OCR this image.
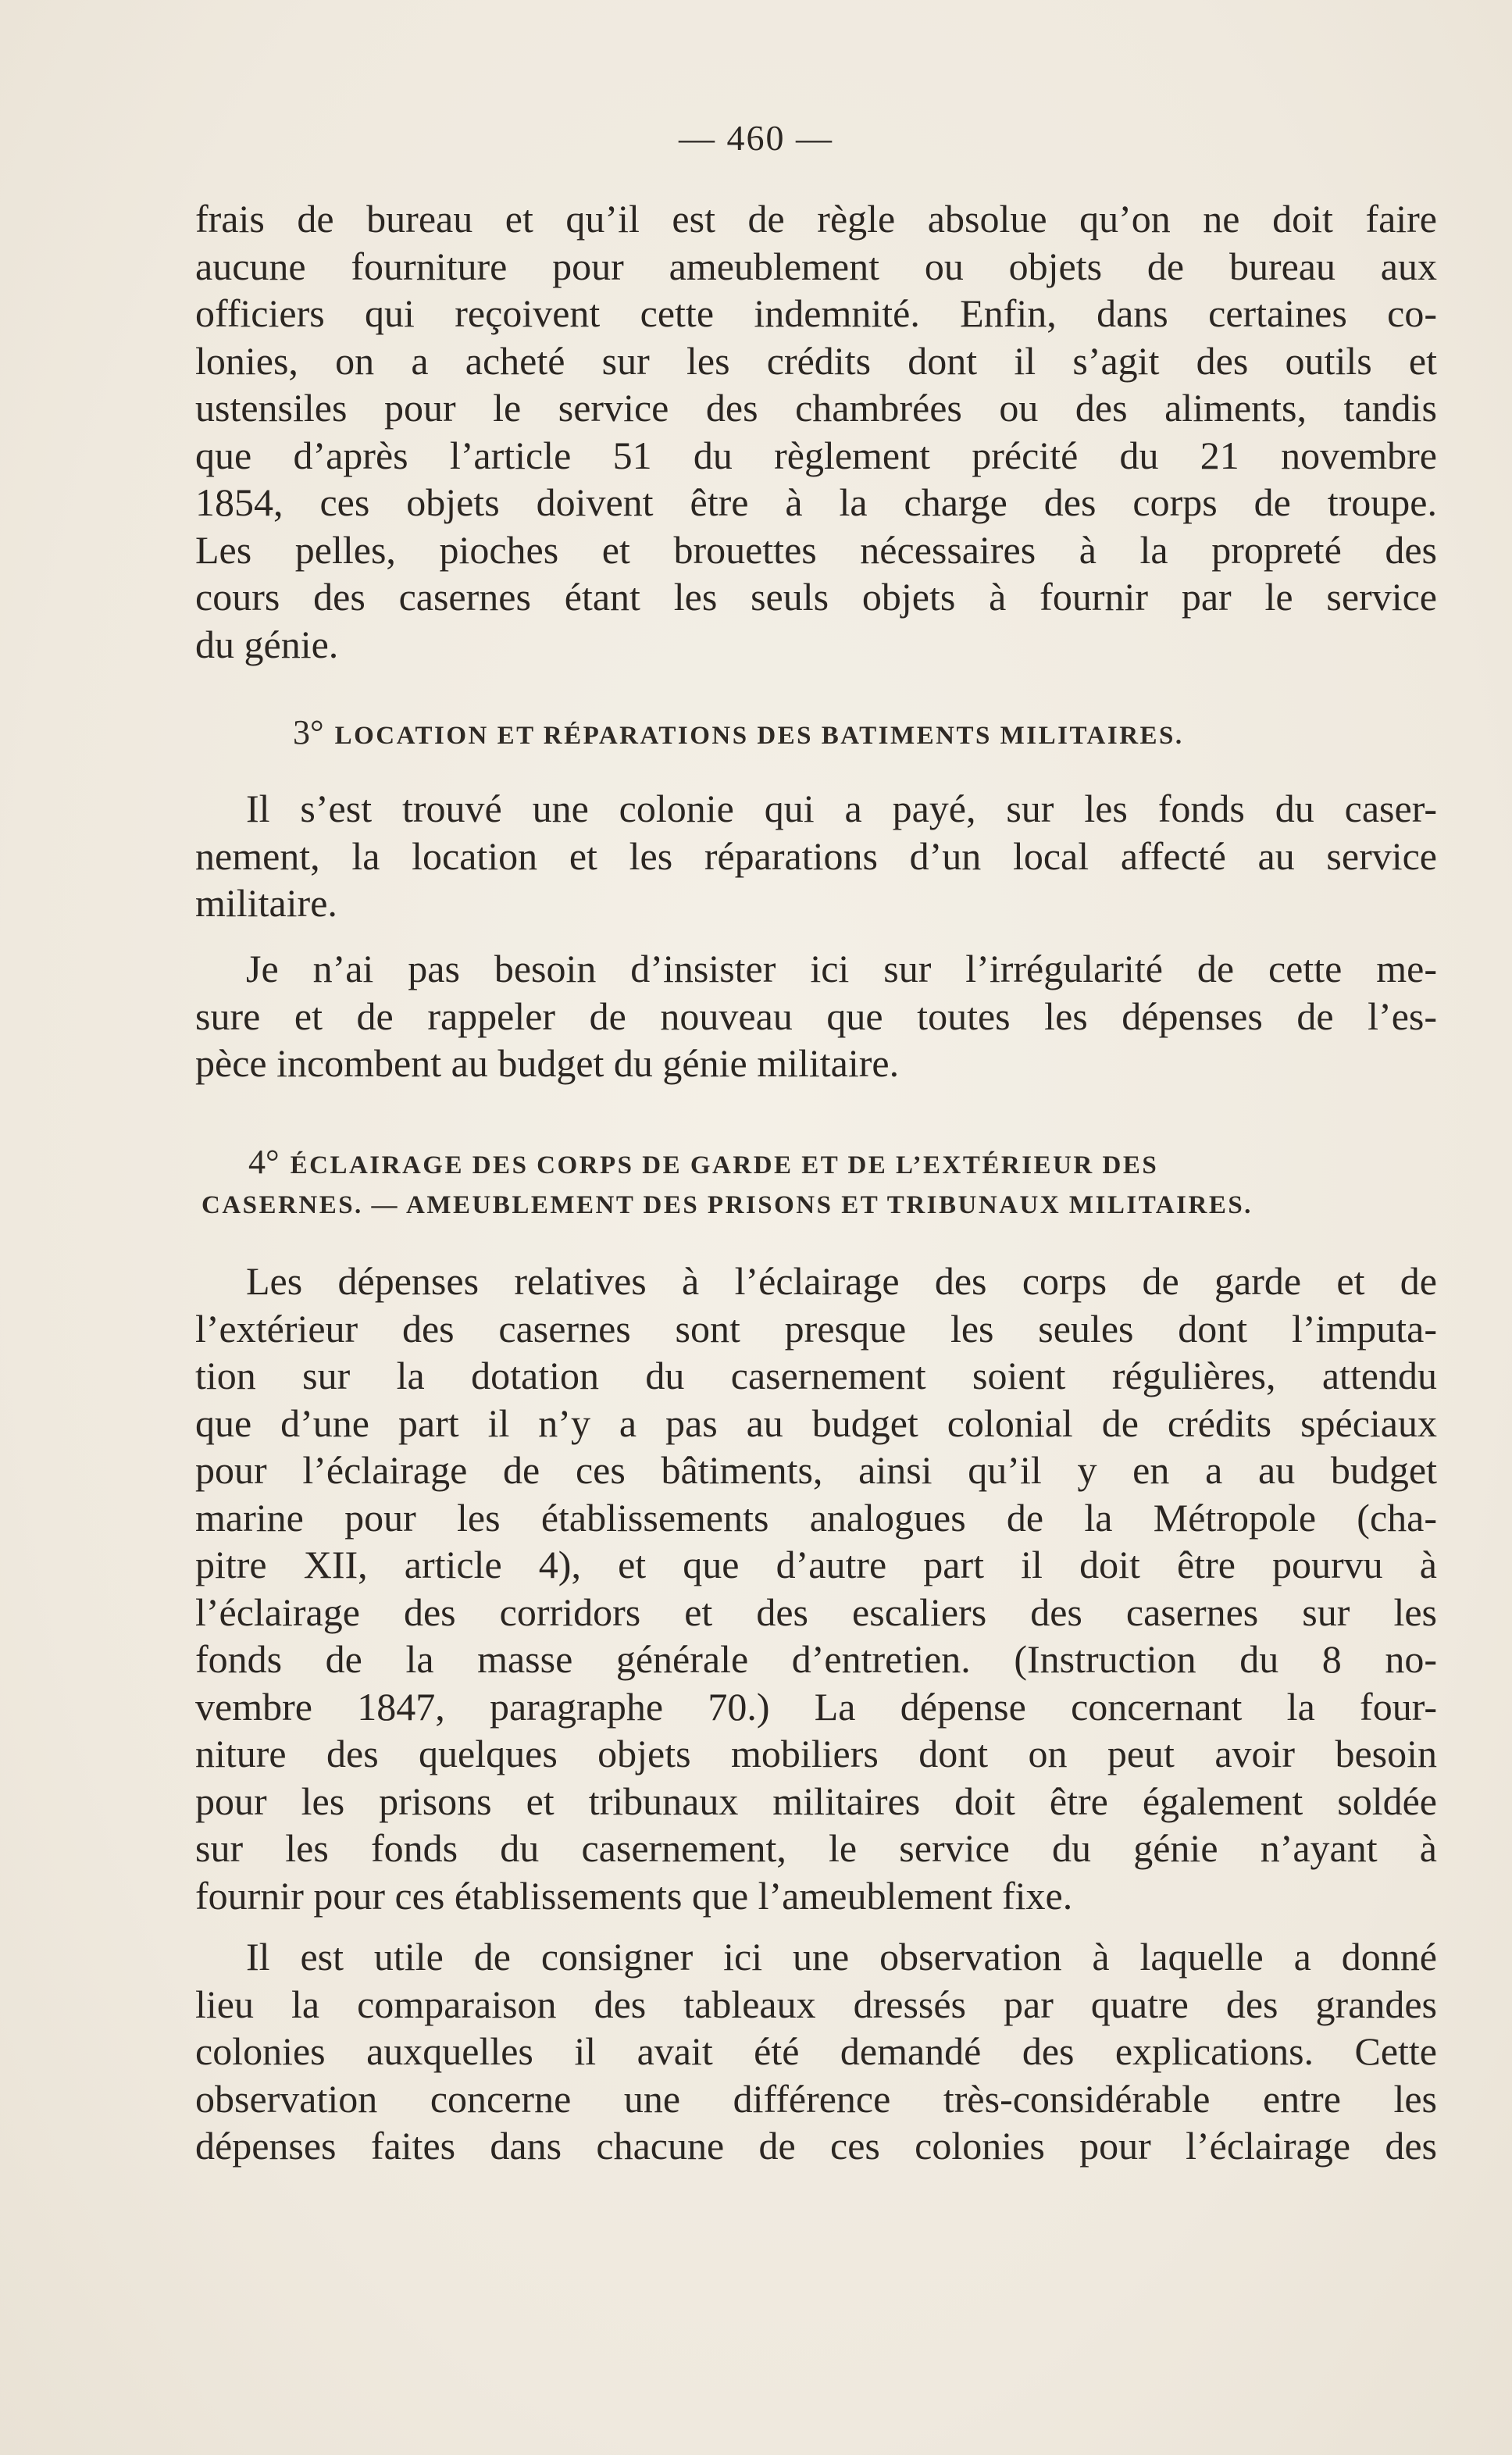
— 460 —
frais de bureau et qu’il est de règle absolue qu’on ne doit faire
aucune fourniture pour ameublement ou objets de bureau aux
officiers qui reçoivent cette indemnité. Enfin, dans certaines co-
lonies, on a acheté sur les crédits dont il s’agit des outils et
ustensiles pour le service des chambrées ou des aliments, tandis
que d’après l’article 51 du règlement précité du 21 novembre
1854, ces objets doivent être à la charge des corps de troupe.
Les pelles, pioches et brouettes nécessaires à la propreté des
cours des casernes étant les seuls objets à fournir par le service
du génie.
3° LOCATION ET RÉPARATIONS DES BATIMENTS MILITAIRES.
Il s’est trouvé une colonie qui a payé, sur les fonds du caser-
nement, la location et les réparations d’un local affecté au service
militaire.
Je n’ai pas besoin d’insister ici sur l’irrégularité de cette me-
sure et de rappeler de nouveau que toutes les dépenses de l’es-
pèce incombent au budget du génie militaire.
4° ÉCLAIRAGE DES CORPS DE GARDE ET DE L’EXTÉRIEUR DES
CASERNES. — AMEUBLEMENT DES PRISONS ET TRIBUNAUX MILITAIRES.
Les dépenses relatives à l’éclairage des corps de garde et de
l’extérieur des casernes sont presque les seules dont l’imputa-
tion sur la dotation du casernement soient régulières, attendu
que d’une part il n’y a pas au budget colonial de crédits spéciaux
pour l’éclairage de ces bâtiments, ainsi qu’il y en a au budget
marine pour les établissements analogues de la Métropole (cha-
pitre XII, article 4), et que d’autre part il doit être pourvu à
l’éclairage des corridors et des escaliers des casernes sur les
fonds de la masse générale d’entretien. (Instruction du 8 no-
vembre 1847, paragraphe 70.) La dépense concernant la four-
niture des quelques objets mobiliers dont on peut avoir besoin
pour les prisons et tribunaux militaires doit être également soldée
sur les fonds du casernement, le service du génie n’ayant à
fournir pour ces établissements que l’ameublement fixe.
Il est utile de consigner ici une observation à laquelle a donné
lieu la comparaison des tableaux dressés par quatre des grandes
colonies auxquelles il avait été demandé des explications. Cette
observation concerne une différence très-considérable entre les
dépenses faites dans chacune de ces colonies pour l’éclairage des
